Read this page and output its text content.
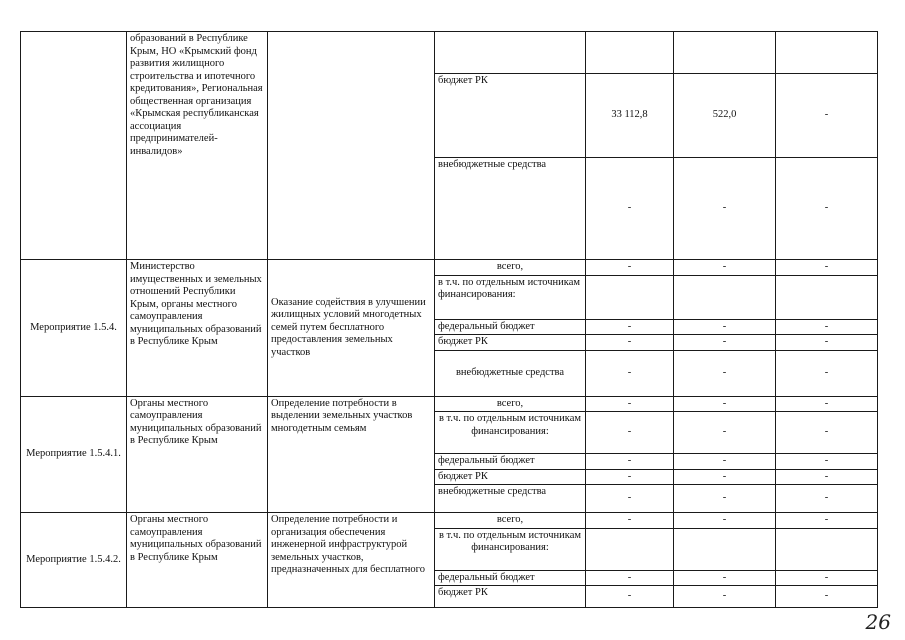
	образований в Республике Крым, НО «Крымский фонд развития жилищного строительства и ипотечного кредитования», Региональная общественная организация «Крымская республиканская ассоциация предпринимателей-инвалидов»					
			бюджет РК	33 112,8	522,0	-
			внебюджетные средства	-	-	-
Мероприятие 1.5.4.	Министерство имущественных и земельных отношений Республики Крым, органы местного самоуправления муниципальных образований в Республике Крым	Оказание содействия в улучшении жилищных условий многодетных семей путем бесплатного предоставления земельных участков	всего,	-	-	-
			в т.ч. по отдельным источникам финансирования:			
			федеральный бюджет	-	-	-
			бюджет РК	-	-	-
			внебюджетные средства	-	-	-
Мероприятие 1.5.4.1.	Органы местного самоуправления муниципальных образований в Республике Крым	Определение потребности в выделении земельных участков многодетным семьям	всего,	-	-	-
			в т.ч. по отдельным источникам финансирования:	-	-	-
			федеральный бюджет	-	-	-
			бюджет РК	-	-	-
			внебюджетные средства	-	-	-
Мероприятие 1.5.4.2.	Органы местного самоуправления муниципальных образований в Республике Крым	Определение потребности и организация обеспечения инженерной инфраструктурой земельных участков, предназначенных для бесплатного	всего,	-	-	-
			в т.ч. по отдельным источникам финансирования:			
			федеральный бюджет	-	-	-
			бюджет РК	-	-	-
26
